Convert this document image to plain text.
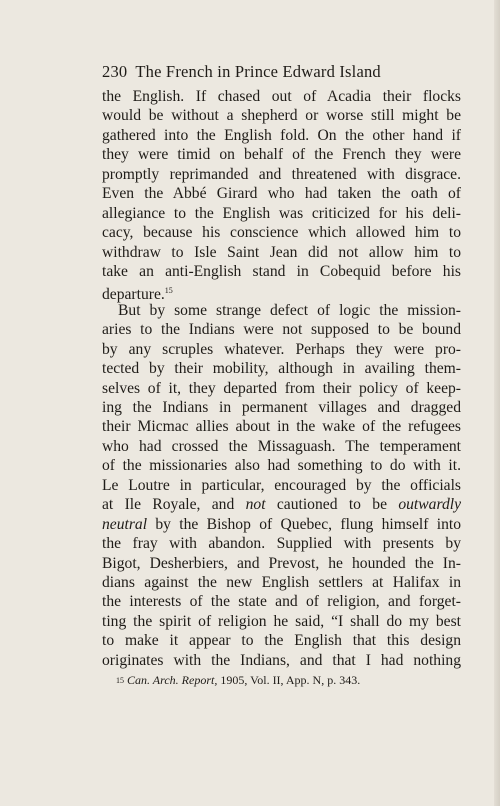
230 The French in Prince Edward Island
the English. If chased out of Acadia their flocks
would be without a shepherd or worse still might be
gathered into the English fold. On the other hand if
they were timid on behalf of the French they were
promptly reprimanded and threatened with disgrace.
Even the Abbé Girard who had taken the oath of
allegiance to the English was criticized for his deli-
cacy, because his conscience which allowed him to
withdraw to Isle Saint Jean did not allow him to
take an anti-English stand in Cobequid before his
departure.$^{15}$
But by some strange defect of logic the mission-
aries to the Indians were not supposed to be bound
by any scruples whatever. Perhaps they were pro-
tected by their mobility, although in availing them-
selves of it, they departed from their policy of keep-
ing the Indians in permanent villages and dragged
their Micmac allies about in the wake of the refugees
who had crossed the Missaguash. The temperament
of the missionaries also had something to do with it.
Le Loutre in particular, encouraged by the officials
at Ile Royale, and not cautioned to be outwardly
neutral by the Bishop of Quebec, flung himself into
the fray with abandon. Supplied with presents by
Bigot, Desherbiers, and Prevost, he hounded the In-
dians against the new English settlers at Halifax in
the interests of the state and of religion, and forget-
ting the spirit of religion he said, “I shall do my best
to make it appear to the English that this design
originates with the Indians, and that I had nothing
15 Can. Arch. Report, 1905, Vol. II, App. N, p. 343.
